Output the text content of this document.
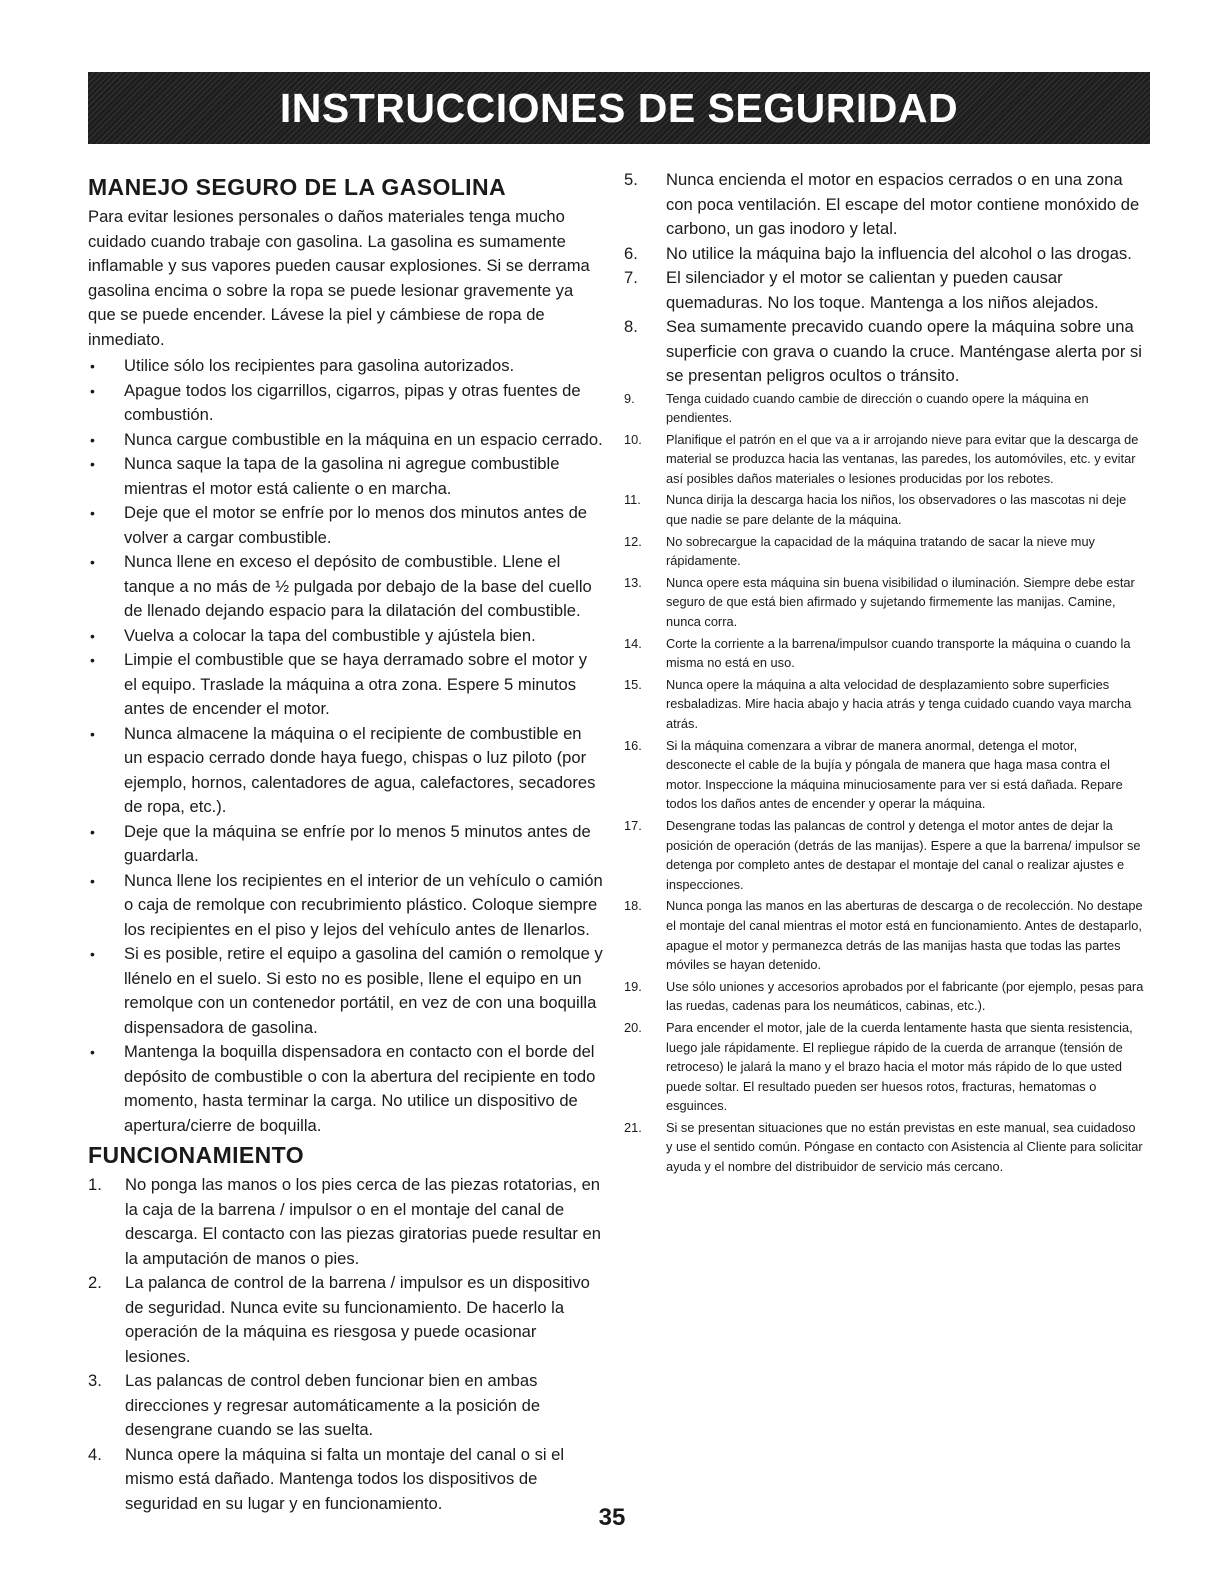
INSTRUCCIONES DE SEGURIDAD
MANEJO SEGURO DE LA GASOLINA

Para evitar lesiones personales o daños materiales tenga mucho cuidado cuando trabaje con gasolina. La gasolina es sumamente inflamable y sus vapores pueden causar explosiones. Si se derrama gasolina encima o sobre la ropa se puede lesionar gravemente ya que se puede encender. Lávese la piel y cámbiese de ropa de inmediato.

• Utilice sólo los recipientes para gasolina autorizados.
• Apague todos los cigarrillos, cigarros, pipas y otras fuentes de combustión.
• Nunca cargue combustible en la máquina en un espacio cerrado.
• Nunca saque la tapa de la gasolina ni agregue combustible mientras el motor está caliente o en marcha.
• Deje que el motor se enfríe por lo menos dos minutos antes de volver a cargar combustible.
• Nunca llene en exceso el depósito de combustible. Llene el tanque a no más de ½ pulgada por debajo de la base del cuello de llenado dejando espacio para la dilatación del combustible.
• Vuelva a colocar la tapa del combustible y ajústela bien.
• Limpie el combustible que se haya derramado sobre el motor y el equipo. Traslade la máquina a otra zona. Espere 5 minutos antes de encender el motor.
• Nunca almacene la máquina o el recipiente de combustible en un espacio cerrado donde haya fuego, chispas o luz piloto (por ejemplo, hornos, calentadores de agua, calefactores, secadores de ropa, etc.).
• Deje que la máquina se enfríe por lo menos 5 minutos antes de guardarla.
• Nunca llene los recipientes en el interior de un vehículo o camión o caja de remolque con recubrimiento plástico. Coloque siempre los recipientes en el piso y lejos del vehículo antes de llenarlos.
• Si es posible, retire el equipo a gasolina del camión o remolque y llénelo en el suelo. Si esto no es posible, llene el equipo en un remolque con un contenedor portátil, en vez de con una boquilla dispensadora de gasolina.
• Mantenga la boquilla dispensadora en contacto con el borde del depósito de combustible o con la abertura del recipiente en todo momento, hasta terminar la carga. No utilice un dispositivo de apertura/cierre de boquilla.
FUNCIONAMIENTO
1. No ponga las manos o los pies cerca de las piezas rotatorias, en la caja de la barrena / impulsor o en el montaje del canal de descarga. El contacto con las piezas giratorias puede resultar en la amputación de manos o pies.
2. La palanca de control de la barrena / impulsor es un dispositivo de seguridad. Nunca evite su funcionamiento. De hacerlo la operación de la máquina es riesgosa y puede ocasionar lesiones.
3. Las palancas de control deben funcionar bien en ambas direcciones y regresar automáticamente a la posición de desengrane cuando se las suelta.
4. Nunca opere la máquina si falta un montaje del canal o si el mismo está dañado. Mantenga todos los dispositivos de seguridad en su lugar y en funcionamiento.
5. Nunca encienda el motor en espacios cerrados o en una zona con poca ventilación. El escape del motor contiene monóxido de carbono, un gas inodoro y letal.
6. No utilice la máquina bajo la influencia del alcohol o las drogas.
7. El silenciador y el motor se calientan y pueden causar quemaduras. No los toque. Mantenga a los niños alejados.
8. Sea sumamente precavido cuando opere la máquina sobre una superficie con grava o cuando la cruce. Manténgase alerta por si se presentan peligros ocultos o tránsito.
9. Tenga cuidado cuando cambie de dirección o cuando opere la máquina en pendientes.
10. Planifique el patrón en el que va a ir arrojando nieve para evitar que la descarga de material se produzca hacia las ventanas, las paredes, los automóviles, etc. y evitar así posibles daños materiales o lesiones producidas por los rebotes.
11. Nunca dirija la descarga hacia los niños, los observadores o las mascotas ni deje que nadie se pare delante de la máquina.
12. No sobrecargue la capacidad de la máquina tratando de sacar la nieve muy rápidamente.
13. Nunca opere esta máquina sin buena visibilidad o iluminación. Siempre debe estar seguro de que está bien afirmado y sujetando firmemente las manijas. Camine, nunca corra.
14. Corte la corriente a la barrena/impulsor cuando transporte la máquina o cuando la misma no está en uso.
15. Nunca opere la máquina a alta velocidad de desplazamiento sobre superficies resbaladizas. Mire hacia abajo y hacia atrás y tenga cuidado cuando vaya marcha atrás.
16. Si la máquina comenzara a vibrar de manera anormal, detenga el motor, desconecte el cable de la bujía y póngala de manera que haga masa contra el motor. Inspeccione la máquina minuciosamente para ver si está dañada. Repare todos los daños antes de encender y operar la máquina.
17. Desengrane todas las palancas de control y detenga el motor antes de dejar la posición de operación (detrás de las manijas). Espere a que la barrena/ impulsor se detenga por completo antes de destapar el montaje del canal o realizar ajustes e inspecciones.
18. Nunca ponga las manos en las aberturas de descarga o de recolección. No destape el montaje del canal mientras el motor está en funcionamiento. Antes de destaparlo, apague el motor y permanezca detrás de las manijas hasta que todas las partes móviles se hayan detenido.
19. Use sólo uniones y accesorios aprobados por el fabricante (por ejemplo, pesas para las ruedas, cadenas para los neumáticos, cabinas, etc.).
20. Para encender el motor, jale de la cuerda lentamente hasta que sienta resistencia, luego jale rápidamente. El repliegue rápido de la cuerda de arranque (tensión de retroceso) le jalará la mano y el brazo hacia el motor más rápido de lo que usted puede soltar. El resultado pueden ser huesos rotos, fracturas, hematomas o esguinces.
21. Si se presentan situaciones que no están previstas en este manual, sea cuidadoso y use el sentido común. Póngase en contacto con Asistencia al Cliente para solicitar ayuda y el nombre del distribuidor de servicio más cercano.
35
